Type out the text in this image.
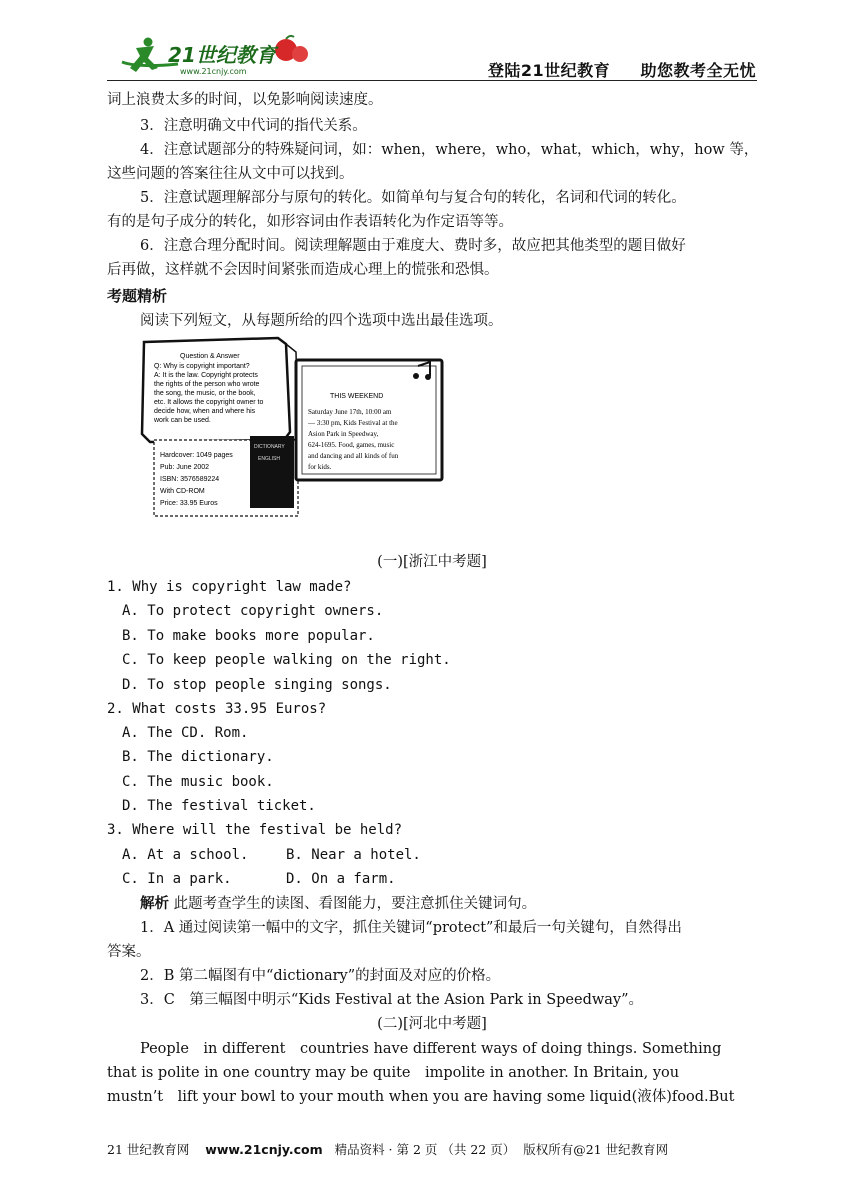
21世纪教育
www.21cnjy.com	登陆21世纪教育 助您教考全无忧
词上浪费太多的时间，以免影响阅读速度。
3．注意明确文中代词的指代关系。
4．注意试题部分的特殊疑问词，如：when，where，who，what，which，why，how 等，
这些问题的答案往往从文中可以找到。
5．注意试题理解部分与原句的转化。如简单句与复合句的转化，名词和代词的转化。
有的是句子成分的转化，如形容词由作表语转化为作定语等等。
6．注意合理分配时间。阅读理解题由于难度大、费时多，故应把其他类型的题目做好
后再做，这样就不会因时间紧张而造成心理上的慌张和恐惧。
考题精析
阅读下列短文，从每题所给的四个选项中选出最佳选项。
Question & Answer
Q: Why is copyright important?
A: It is the law. Copyright protects
the rights of the person who wrote
the song, the music, or the book,
etc. It allows the copyright owner to
decide how, when and where his
work can be used.
Hardcover: 1049 pages
Pub: June 2002
ISBN: 3576589224
With CD-ROM
Price: 33.95 Euros
DICTIONARY
ENGLISH
THIS WEEKEND
Saturday June 17th, 10:00 am
— 3:30 pm, Kids Festival at the
Asion Park in Speedway,
624-1695. Food, games, music
and dancing and all kinds of fun
for kids.
(一)[浙江中考题]
1. Why is copyright law made?
A. To protect copyright owners.
B. To make books more popular.
C. To keep people walking on the right.
D. To stop people singing songs.
2. What costs 33.95 Euros?
A. The CD. Rom.
B. The dictionary.
C. The music book.
D. The festival ticket.
3. Where will the festival be held?
A. At a school.	B. Near a hotel.
C. In a park.	D. On a farm.
解析 此题考查学生的读图、看图能力，要注意抓住关键词句。
1．A 通过阅读第一幅中的文字，抓住关键词“protect”和最后一句关键句，自然得出
答案。
2．B 第二幅图有中“dictionary”的封面及对应的价格。
3．C　第三幅图中明示“Kids Festival at the Asion Park in Speedway”。
(二)[河北中考题]
People　in different　countries have different ways of doing things. Something
that is polite in one country may be quite　impolite in another. In Britain, you
mustn’t　lift your bowl to your mouth when you are having some liquid(液体)food.But
21 世纪教育网 www.21cnjy.com 精品资料 · 第 2 页 （共 22 页） 版权所有@21 世纪教育网
